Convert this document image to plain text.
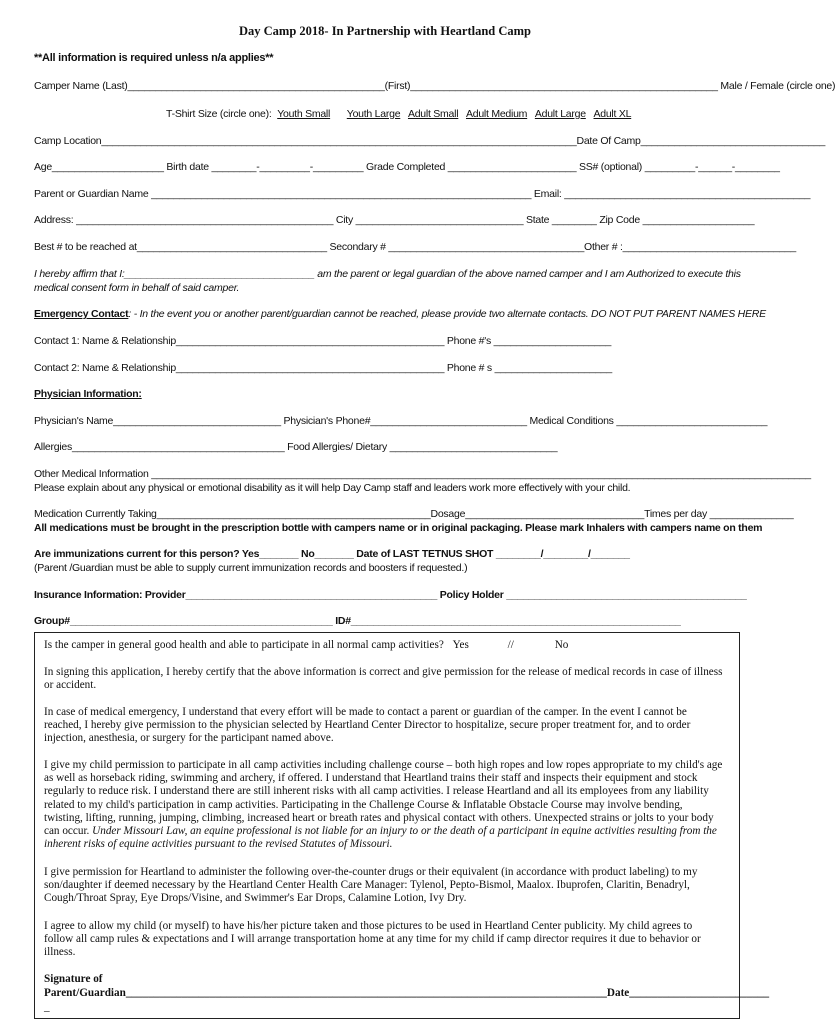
Day Camp 2018- In Partnership with Heartland Camp
**All information is required unless n/a applies**
Camper Name (Last)______________________________________________(First)_______________________________________________________ Male / Female (circle one)
T-Shirt Size (circle one): Youth Small Youth Large Adult Small Adult Medium Adult Large Adult XL
Camp Location_____________________________________________________________________________________Date Of Camp_________________________________
Age____________________ Birth date ________-_________-_________ Grade Completed _______________________ SS# (optional) _________-______-________
Parent or Guardian Name ____________________________________________________________________ Email: ____________________________________________
Address: ______________________________________________ City ______________________________ State ________ Zip Code ____________________
Best # to be reached at__________________________________ Secondary # ___________________________________Other # :_______________________________
I hereby affirm that I:__________________________________ am the parent or legal guardian of the above named camper and I am Authorized to execute this
medical consent form in behalf of said camper.
Emergency Contact: - In the event you or another parent/guardian cannot be reached, please provide two alternate contacts. DO NOT PUT PARENT NAMES HERE
Contact 1: Name & Relationship________________________________________________ Phone #'s _____________________
Contact 2: Name & Relationship________________________________________________ Phone # s _____________________
Physician Information:
Physician's Name______________________________ Physician's Phone#____________________________ Medical Conditions ___________________________
Allergies______________________________________ Food Allergies/ Dietary ______________________________
Other Medical Information ______________________________________________________________________________________________________________________
Please explain about any physical or emotional disability as it will help Day Camp staff and leaders work more effectively with your child.
Medication Currently Taking_________________________________________________Dosage________________________________Times per day _______________
All medications must be brought in the prescription bottle with campers name or in original packaging. Please mark Inhalers with campers name on them
Are immunizations current for this person? Yes_______ No_______ Date of LAST TETNUS SHOT ________/________/_______
(Parent /Guardian must be able to supply current immunization records and boosters if requested.)
Insurance Information: Provider_____________________________________________ Policy Holder ___________________________________________
Group#_______________________________________________ ID#___________________________________________________________
Is the camper in general good health and able to participate in all normal camp activities? Yes	//	No
In signing this application, I hereby certify that the above information is correct and give permission for the release of medical records in case of illness or accident.
In case of medical emergency, I understand that every effort will be made to contact a parent or guardian of the camper. In the event I cannot be reached, I hereby give permission to the physician selected by Heartland Center Director to hospitalize, secure proper treatment for, and to order injection, anesthesia, or surgery for the participant named above.
I give my child permission to participate in all camp activities including challenge course – both high ropes and low ropes appropriate to my child's age as well as horseback riding, swimming and archery, if offered. I understand that Heartland trains their staff and inspects their equipment and stock regularly to reduce risk. I understand there are still inherent risks with all camp activities. I release Heartland and all its employees from any liability related to my child's participation in camp activities. Participating in the Challenge Course & Inflatable Obstacle Course may involve bending, twisting, lifting, running, jumping, climbing, increased heart or breath rates and physical contact with others. Unexpected strains or jolts to your body can occur. Under Missouri Law, an equine professional is not liable for an injury to or the death of a participant in equine activities resulting from the inherent risks of equine activities pursuant to the revised Statutes of Missouri.
I give permission for Heartland to administer the following over-the-counter drugs or their equivalent (in accordance with product labeling) to my son/daughter if deemed necessary by the Heartland Center Health Care Manager: Tylenol, Pepto-Bismol, Maalox. Ibuprofen, Claritin, Benadryl, Cough/Throat Spray, Eye Drops/Visine, and Swimmer's Ear Drops, Calamine Lotion, Ivy Dry.
I agree to allow my child (or myself) to have his/her picture taken and those pictures to be used in Heartland Center publicity. My child agrees to follow all camp rules & expectations and I will arrange transportation home at any time for my child if camp director requires it due to behavior or illness.
Signature of
Parent/Guardian______________________________________________________________________________________Date_________________________
_
